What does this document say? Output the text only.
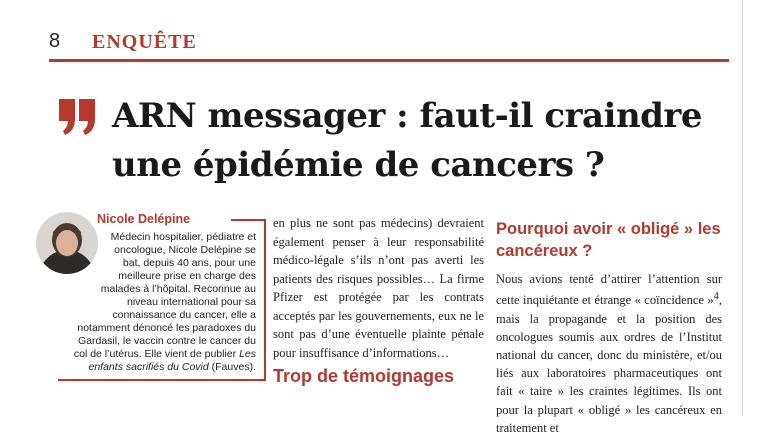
8 ENQUÊTE
ARN messager : faut-il craindre une épidémie de cancers ?
Nicole Delépine

Médecin hospitalier, pédiatre et oncologue, Nicole Delépine se bat, depuis 40 ans, pour une meilleure prise en charge des malades à l’hôpital. Reconnue au niveau international pour sa connaissance du cancer, elle a notamment dénoncé les paradoxes du Gardasil, le vaccin contre le cancer du col de l’utérus. Elle vient de publier Les enfants sacrifiés du Covid (Fauves).

en plus ne sont pas médecins) devraient également penser à leur responsabilité médico-légale s’ils n’ont pas averti les patients des risques possibles… La firme Pfizer est protégée par les contrats acceptés par les gouvernements, eux ne le sont pas d’une éventuelle plainte pénale pour insuffisance d’informations…

Trop de témoignages
Pourquoi avoir « obligé » les cancéreux ?

Nous avions tenté d’attirer l’attention sur cette inquiétante et étrange « coïncidence »$^4$, mais la propagande et la position des oncologues soumis aux ordres de l’Institut national du cancer, donc du ministère, et/ou liés aux laboratoires pharmaceutiques ont fait « taire » les craintes légitimes. Ils ont pour la plupart « obligé » les cancéreux en traitement et
